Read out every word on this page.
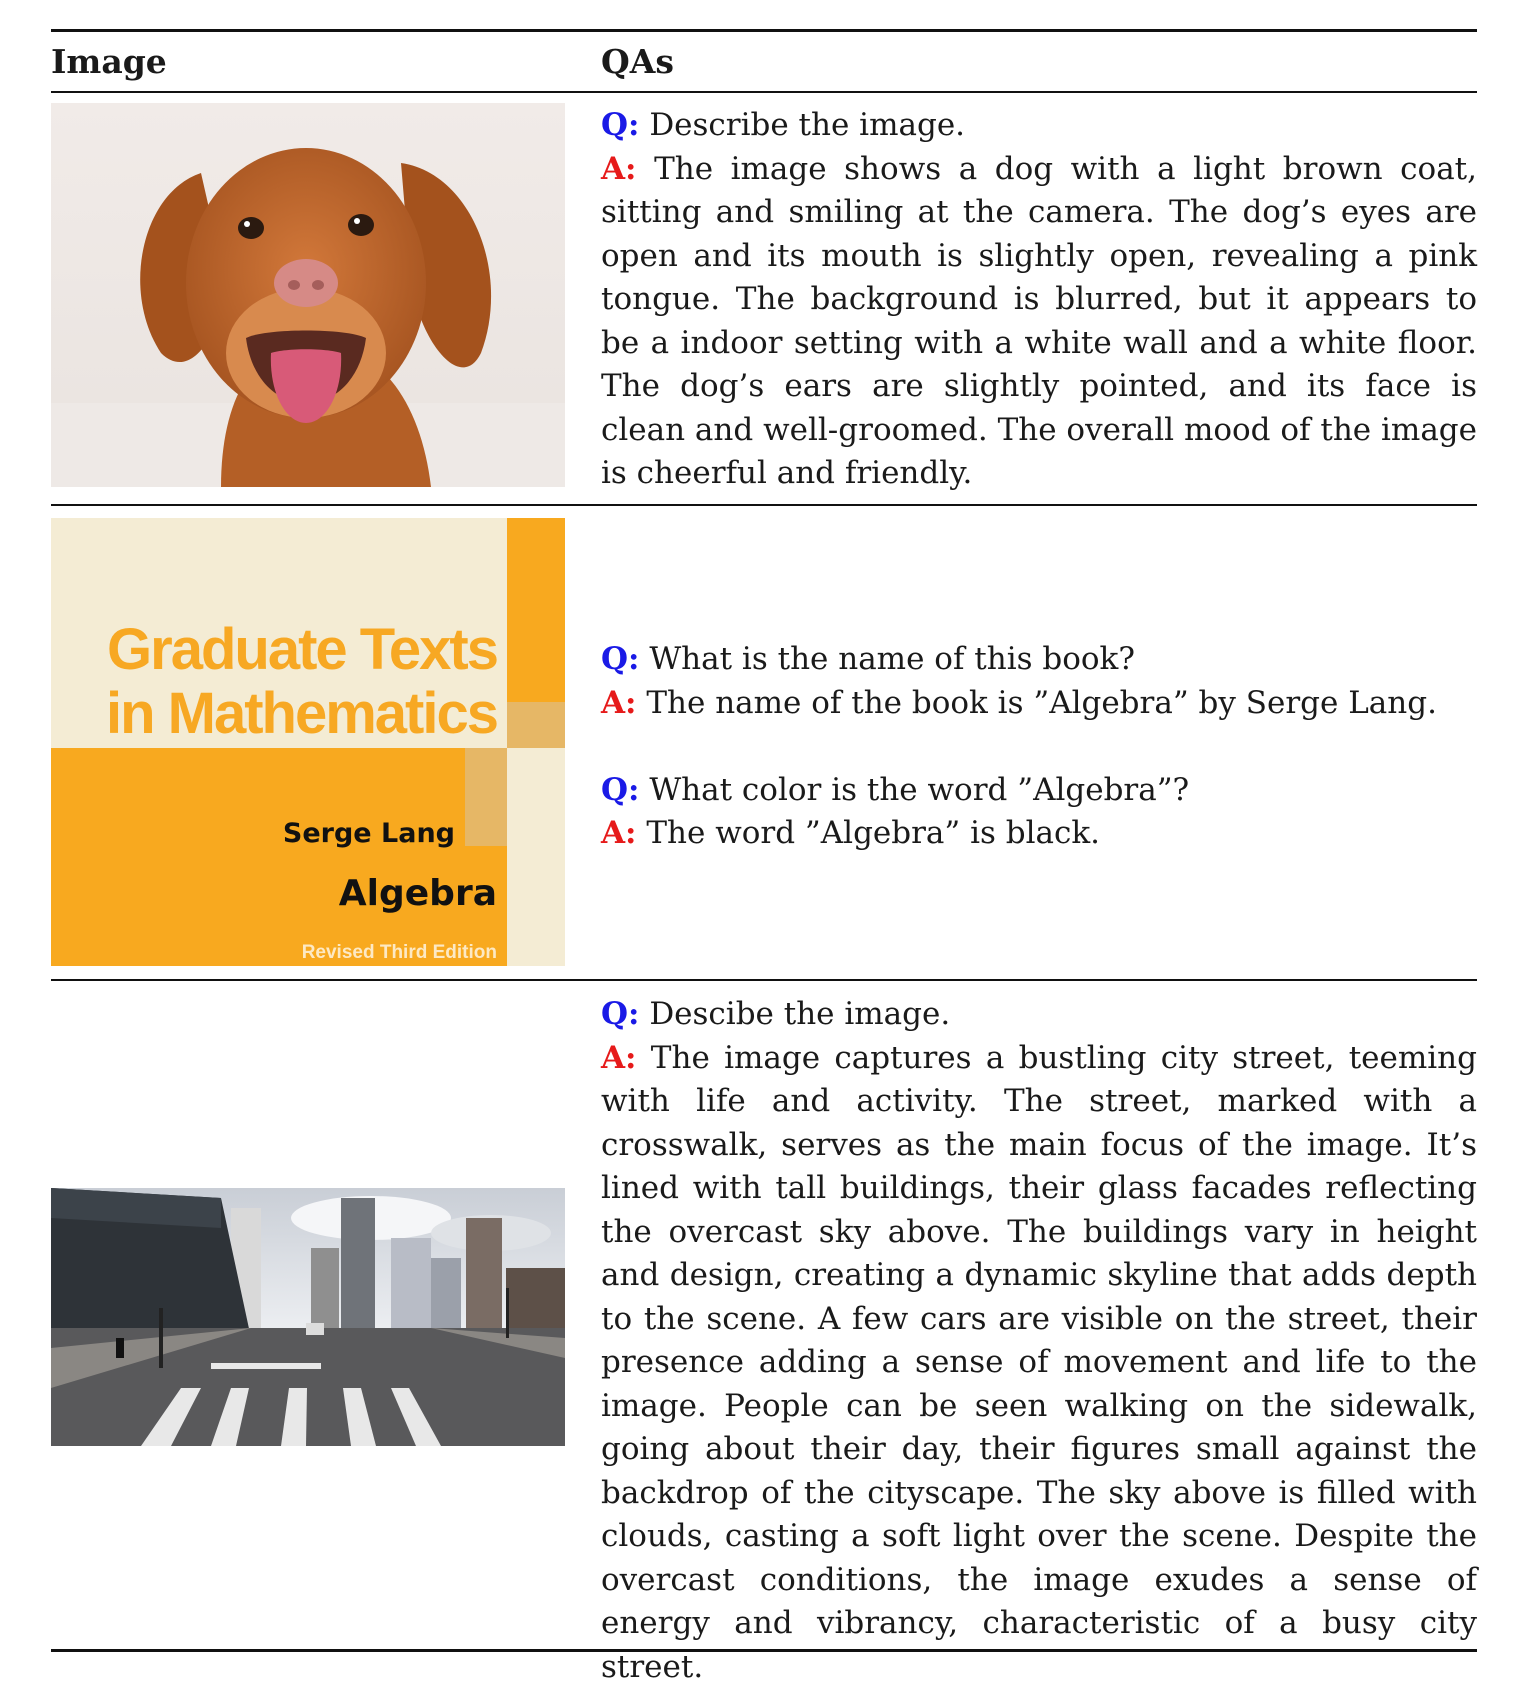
Image	QAs

Q: Describe the image.

A: The image shows a dog with a light brown coat, sitting and smiling at the camera. The dog’s eyes are open and its mouth is slightly open, revealing a pink tongue. The background is blurred, but it appears to be a indoor setting with a white wall and a white floor. The dog’s ears are slightly pointed, and its face is clean and well-groomed. The overall mood of the image is cheerful and friendly.

Graduate Texts
in Mathematics
Serge Lang
Algebra
Revised Third Edition

Q: What is the name of this book?

A: The name of the book is ”Algebra” by Serge Lang.

Q: What color is the word ”Algebra”?

A: The word ”Algebra” is black.

Q: Descibe the image.

A: The image captures a bustling city street, teeming with life and activity. The street, marked with a crosswalk, serves as the main focus of the image. It’s lined with tall buildings, their glass facades reflecting the overcast sky above. The buildings vary in height and design, creating a dynamic skyline that adds depth to the scene. A few cars are visible on the street, their presence adding a sense of movement and life to the image. People can be seen walking on the sidewalk, going about their day, their figures small against the backdrop of the cityscape. The sky above is filled with clouds, casting a soft light over the scene. Despite the overcast conditions, the image exudes a sense of energy and vibrancy, characteristic of a busy city street.
